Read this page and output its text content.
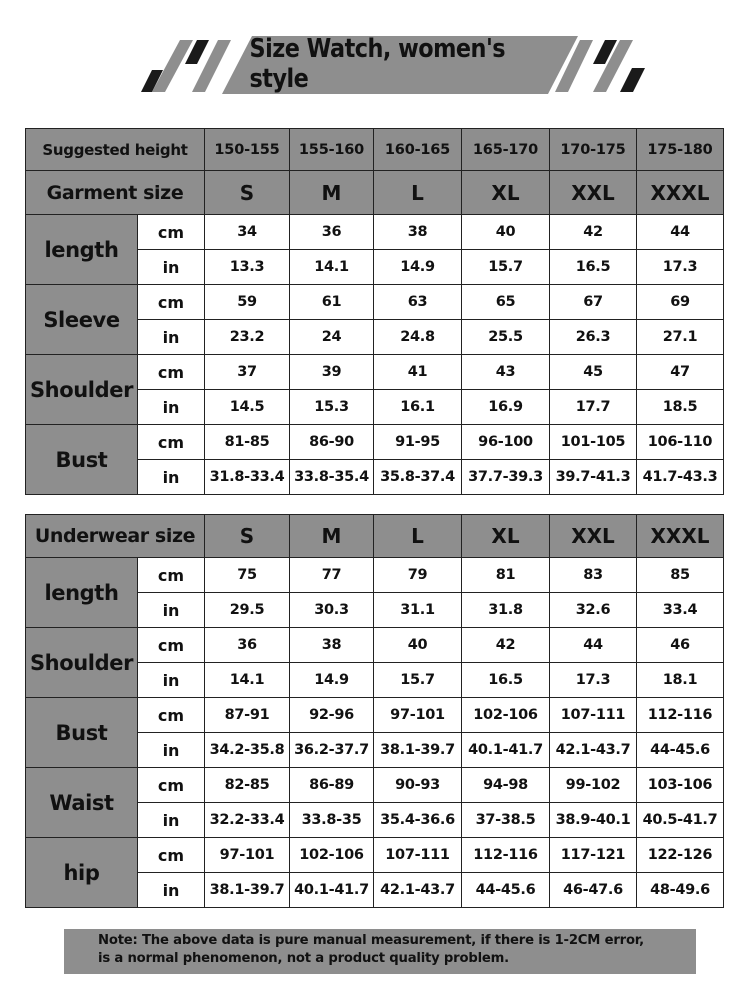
Size Watch, women's style
Suggested height		150-155	155-160	160-165	165-170	170-175	175-180
Garment size		S	M	L	XL	XXL	XXXL
length	cm	34	36	38	40	42	44
	in	13.3	14.1	14.9	15.7	16.5	17.3
Sleeve	cm	59	61	63	65	67	69
	in	23.2	24	24.8	25.5	26.3	27.1
Shoulder	cm	37	39	41	43	45	47
	in	14.5	15.3	16.1	16.9	17.7	18.5
Bust	cm	81-85	86-90	91-95	96-100	101-105	106-110
	in	31.8-33.4	33.8-35.4	35.8-37.4	37.7-39.3	39.7-41.3	41.7-43.3
Underwear size		S	M	L	XL	XXL	XXXL
length	cm	75	77	79	81	83	85
	in	29.5	30.3	31.1	31.8	32.6	33.4
Shoulder	cm	36	38	40	42	44	46
	in	14.1	14.9	15.7	16.5	17.3	18.1
Bust	cm	87-91	92-96	97-101	102-106	107-111	112-116
	in	34.2-35.8	36.2-37.7	38.1-39.7	40.1-41.7	42.1-43.7	44-45.6
Waist	cm	82-85	86-89	90-93	94-98	99-102	103-106
	in	32.2-33.4	33.8-35	35.4-36.6	37-38.5	38.9-40.1	40.5-41.7
hip	cm	97-101	102-106	107-111	112-116	117-121	122-126
	in	38.1-39.7	40.1-41.7	42.1-43.7	44-45.6	46-47.6	48-49.6
Note: The above data is pure manual measurement, if there is 1-2CM error,
is a normal phenomenon, not a product quality problem.
